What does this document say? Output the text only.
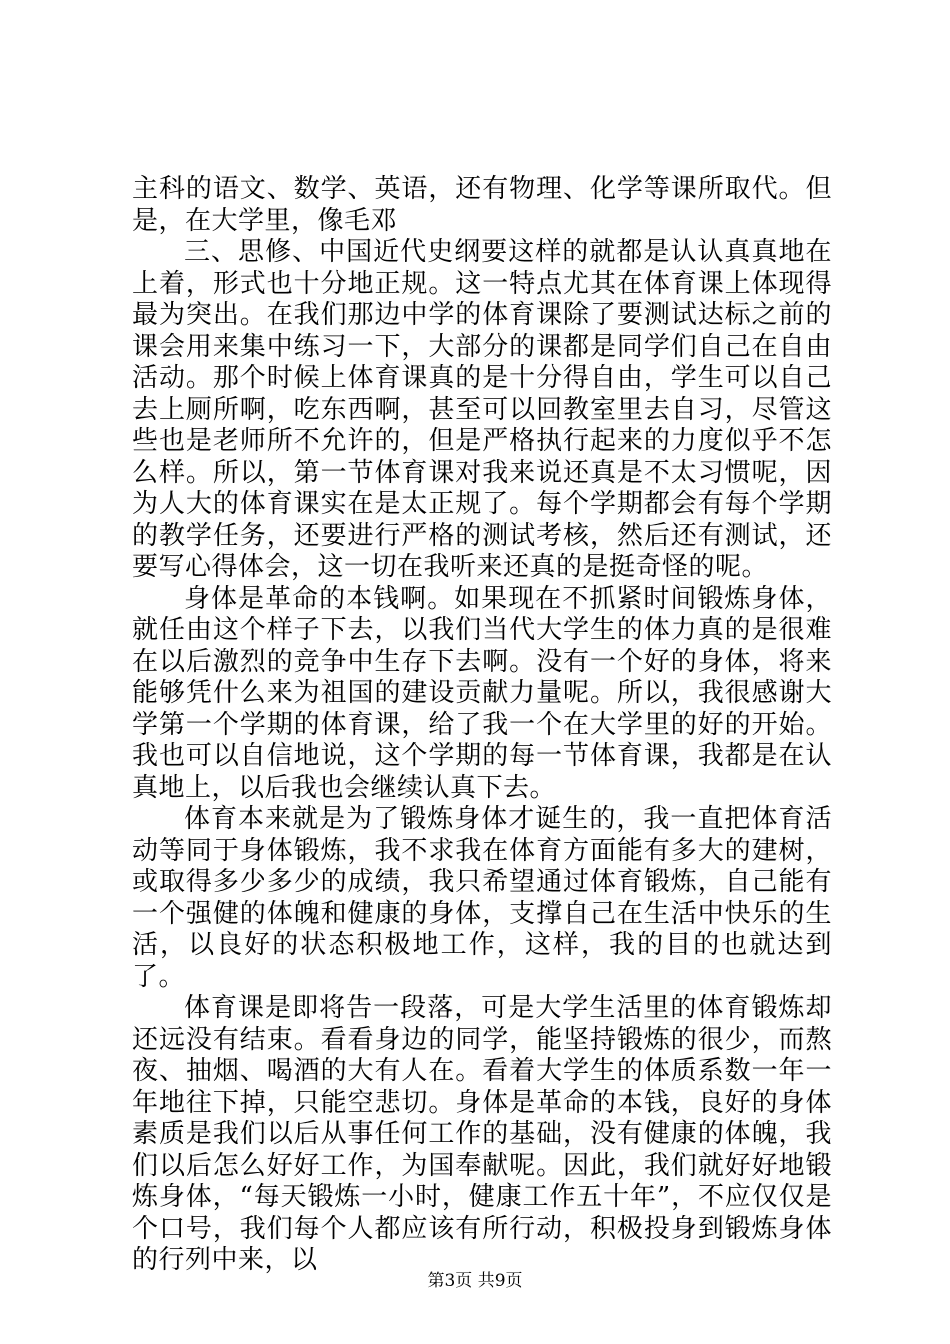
主科的语文、数学、英语，还有物理、化学等课所取代。但是，在大学里，像毛邓

三、思修、中国近代史纲要这样的就都是认认真真地在上着，形式也十分地正规。这一特点尤其在体育课上体现得最为突出。在我们那边中学的体育课除了要测试达标之前的课会用来集中练习一下，大部分的课都是同学们自己在自由活动。那个时候上体育课真的是十分得自由，学生可以自己去上厕所啊，吃东西啊，甚至可以回教室里去自习，尽管这些也是老师所不允许的，但是严格执行起来的力度似乎不怎么样。所以，第一节体育课对我来说还真是不太习惯呢，因为人大的体育课实在是太正规了。每个学期都会有每个学期的教学任务，还要进行严格的测试考核，然后还有测试，还要写心得体会，这一切在我听来还真的是挺奇怪的呢。

身体是革命的本钱啊。如果现在不抓紧时间锻炼身体，就任由这个样子下去，以我们当代大学生的体力真的是很难在以后激烈的竞争中生存下去啊。没有一个好的身体，将来能够凭什么来为祖国的建设贡献力量呢。所以，我很感谢大学第一个学期的体育课，给了我一个在大学里的好的开始。我也可以自信地说，这个学期的每一节体育课，我都是在认真地上，以后我也会继续认真下去。

体育本来就是为了锻炼身体才诞生的，我一直把体育活动等同于身体锻炼，我不求我在体育方面能有多大的建树，或取得多少多少的成绩，我只希望通过体育锻炼，自己能有一个强健的体魄和健康的身体，支撑自己在生活中快乐的生活，以良好的状态积极地工作，这样，我的目的也就达到了。

体育课是即将告一段落，可是大学生活里的体育锻炼却还远没有结束。看看身边的同学，能坚持锻炼的很少，而熬夜、抽烟、喝酒的大有人在。看着大学生的体质系数一年一年地往下掉，只能空悲切。身体是革命的本钱，良好的身体素质是我们以后从事任何工作的基础，没有健康的体魄，我们以后怎么好好工作，为国奉献呢。因此，我们就好好地锻炼身体，“每天锻炼一小时，健康工作五十年”，不应仅仅是个口号，我们每个人都应该有所行动，积极投身到锻炼身体的行列中来，以

第3页 共9页
